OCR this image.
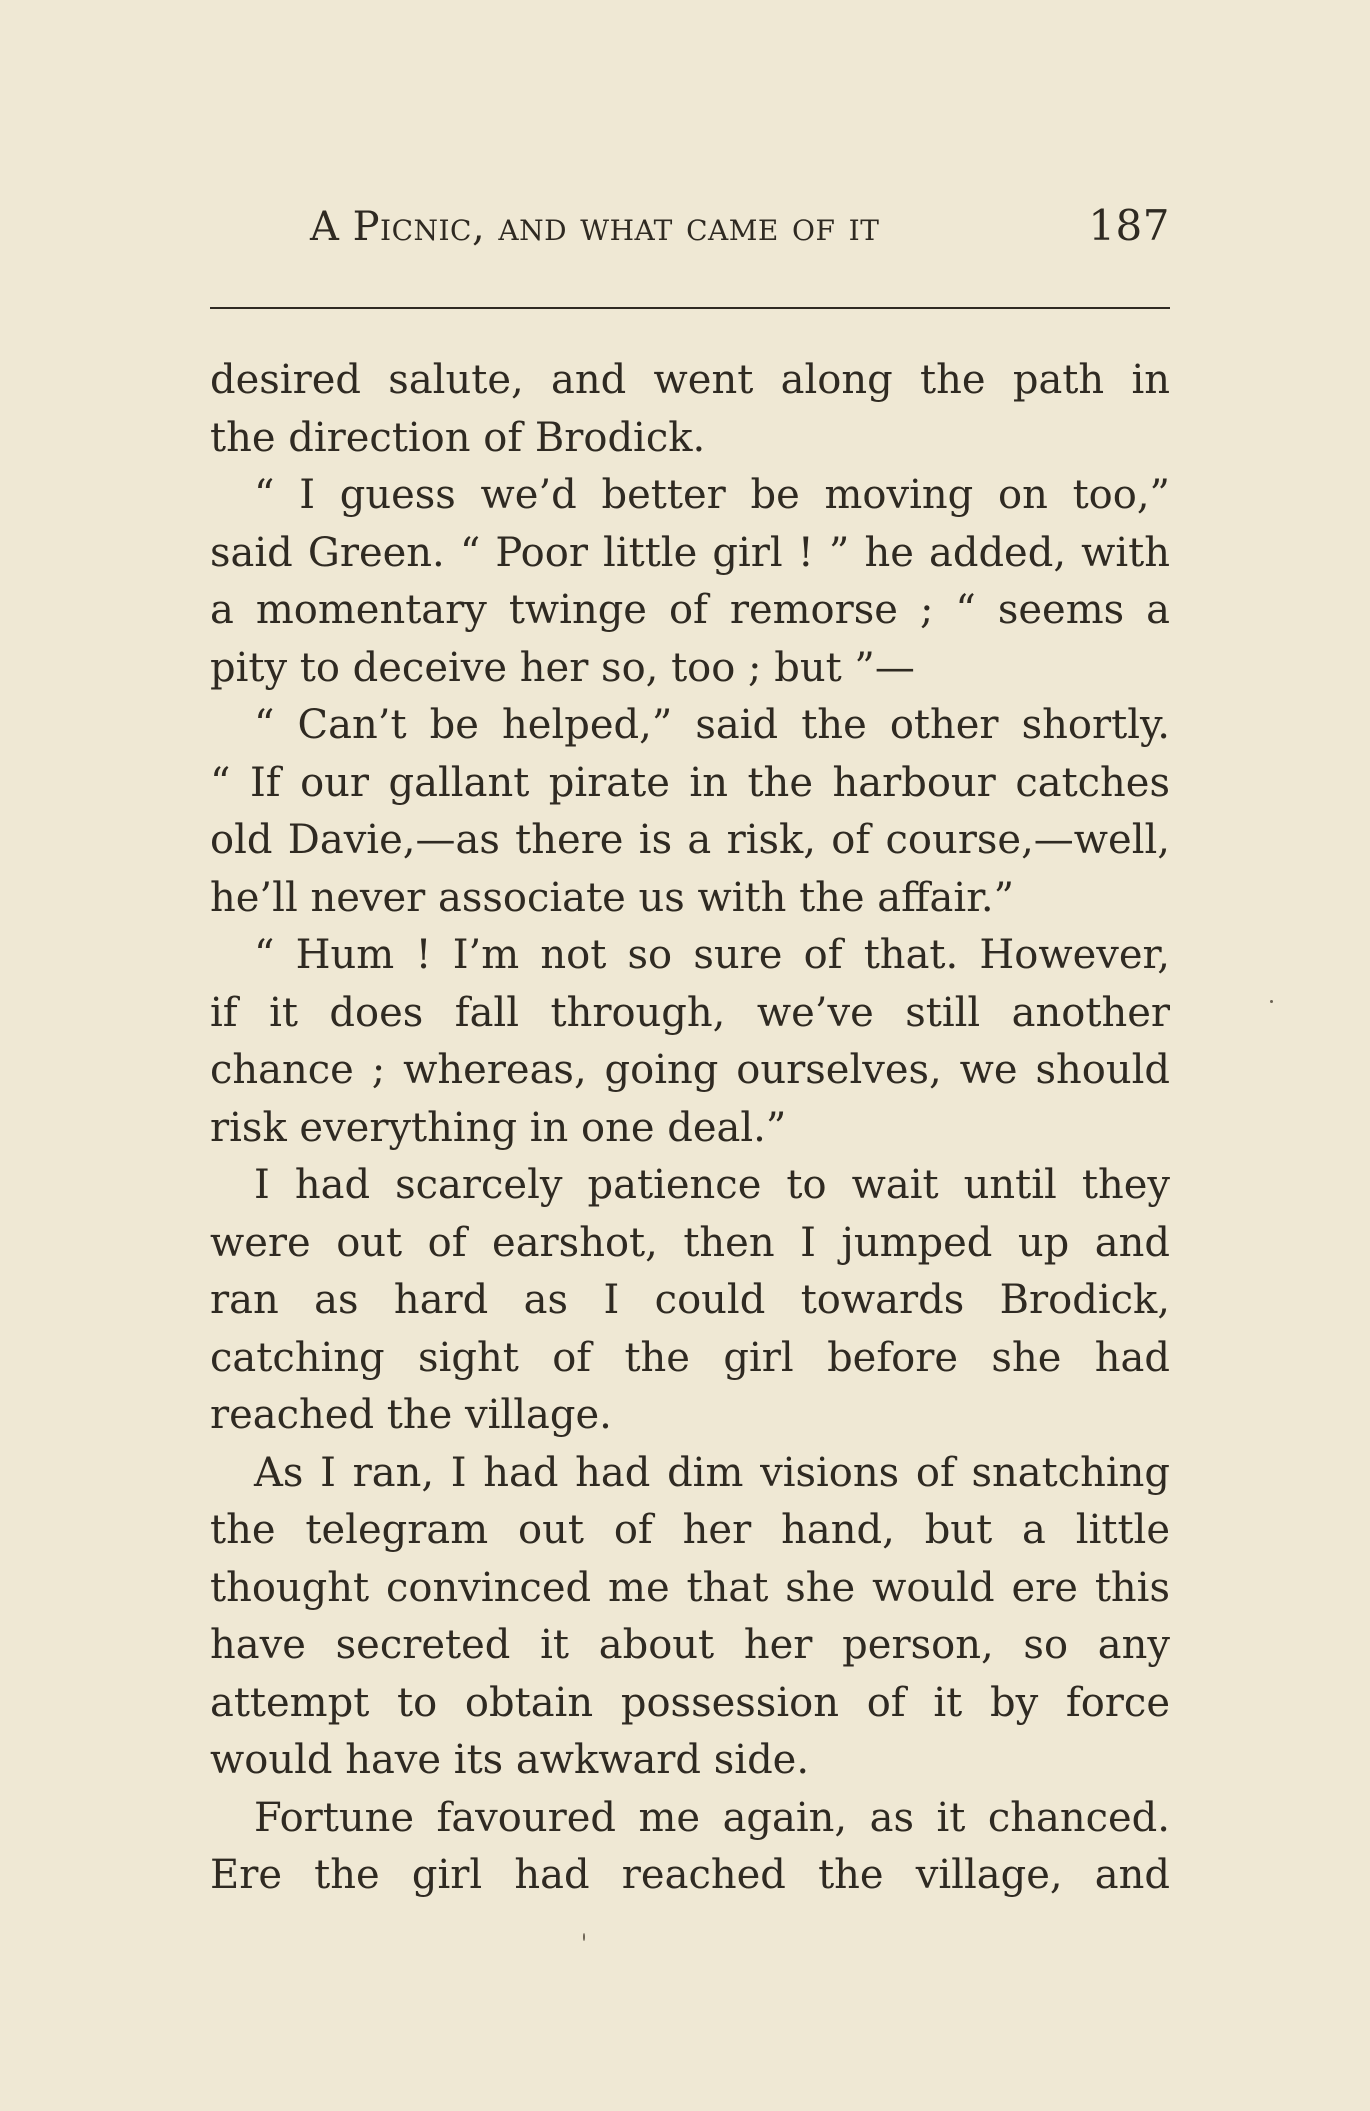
A Picnic, and what came of it	187
desired salute, and went along the path in
the direction of Brodick.
“ I guess we’d better be moving on too,”
said Green. “ Poor little girl ! ” he added, with
a momentary twinge of remorse ; “ seems a
pity to deceive her so, too ; but ”—
“ Can’t be helped,” said the other shortly.
“ If our gallant pirate in the harbour catches
old Davie,—as there is a risk, of course,—well,
he’ll never associate us with the affair.”
“ Hum ! I’m not so sure of that. However,
if it does fall through, we’ve still another
chance ; whereas, going ourselves, we should
risk everything in one deal.”
I had scarcely patience to wait until they
were out of earshot, then I jumped up and
ran as hard as I could towards Brodick,
catching sight of the girl before she had
reached the village.
As I ran, I had had dim visions of snatching
the telegram out of her hand, but a little
thought convinced me that she would ere this
have secreted it about her person, so any
attempt to obtain possession of it by force
would have its awkward side.
Fortune favoured me again, as it chanced.
Ere the girl had reached the village, and
